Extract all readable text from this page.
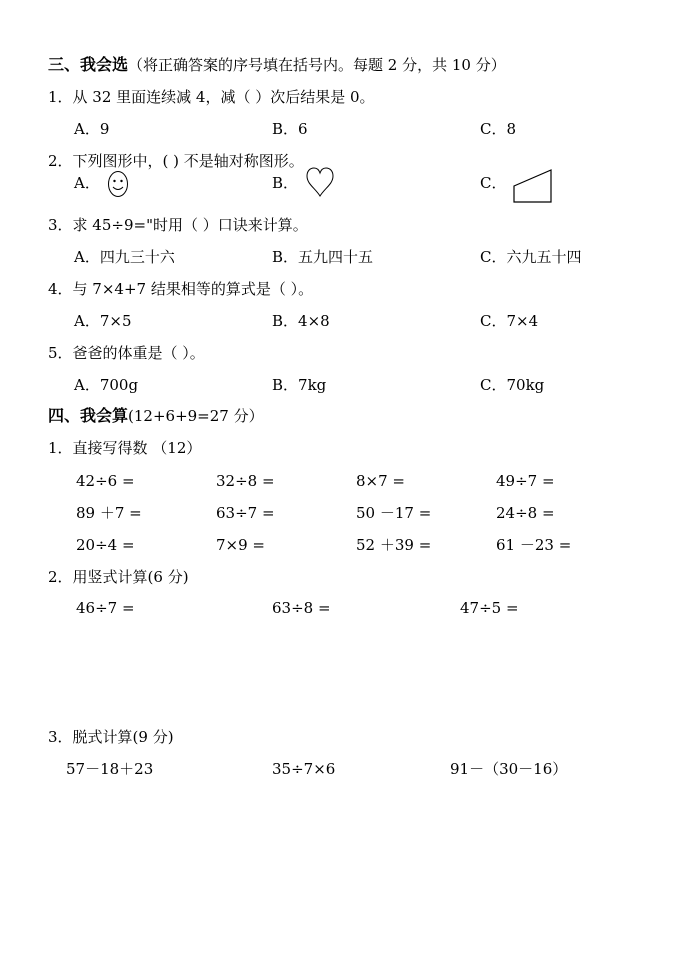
三、我会选（将正确答案的序号填在括号内。每题 2 分，共 10 分）
1．从 32 里面连续减 4，减（ ）次后结果是 0。
A．9	B．6	C．8
2．下列图形中，( ) 不是轴对称图形。
A．	B．	C．
3．求 45÷9="时用（ ）口诀来计算。
A．四九三十六	B．五九四十五	C．六九五十四
4．与 7×4+7 结果相等的算式是（ ）。
A．7×5	B．4×8	C．7×4
5．爸爸的体重是（ ）。
A．700g	B．7kg	C．70kg
四、我会算(12+6+9=27 分）
1．直接写得数 （12）
42÷6 =	32÷8 =	8×7 =	49÷7 =
89 ＋7 =	63÷7 =	50 －17 =	24÷8 =
20÷4 =	7×9 =	52 ＋39 =	61 －23 =
2．用竖式计算(6 分)
46÷7 =	63÷8 =	47÷5 =
3．脱式计算(9 分)
57－18＋23	35÷7×6	91－（30－16）
